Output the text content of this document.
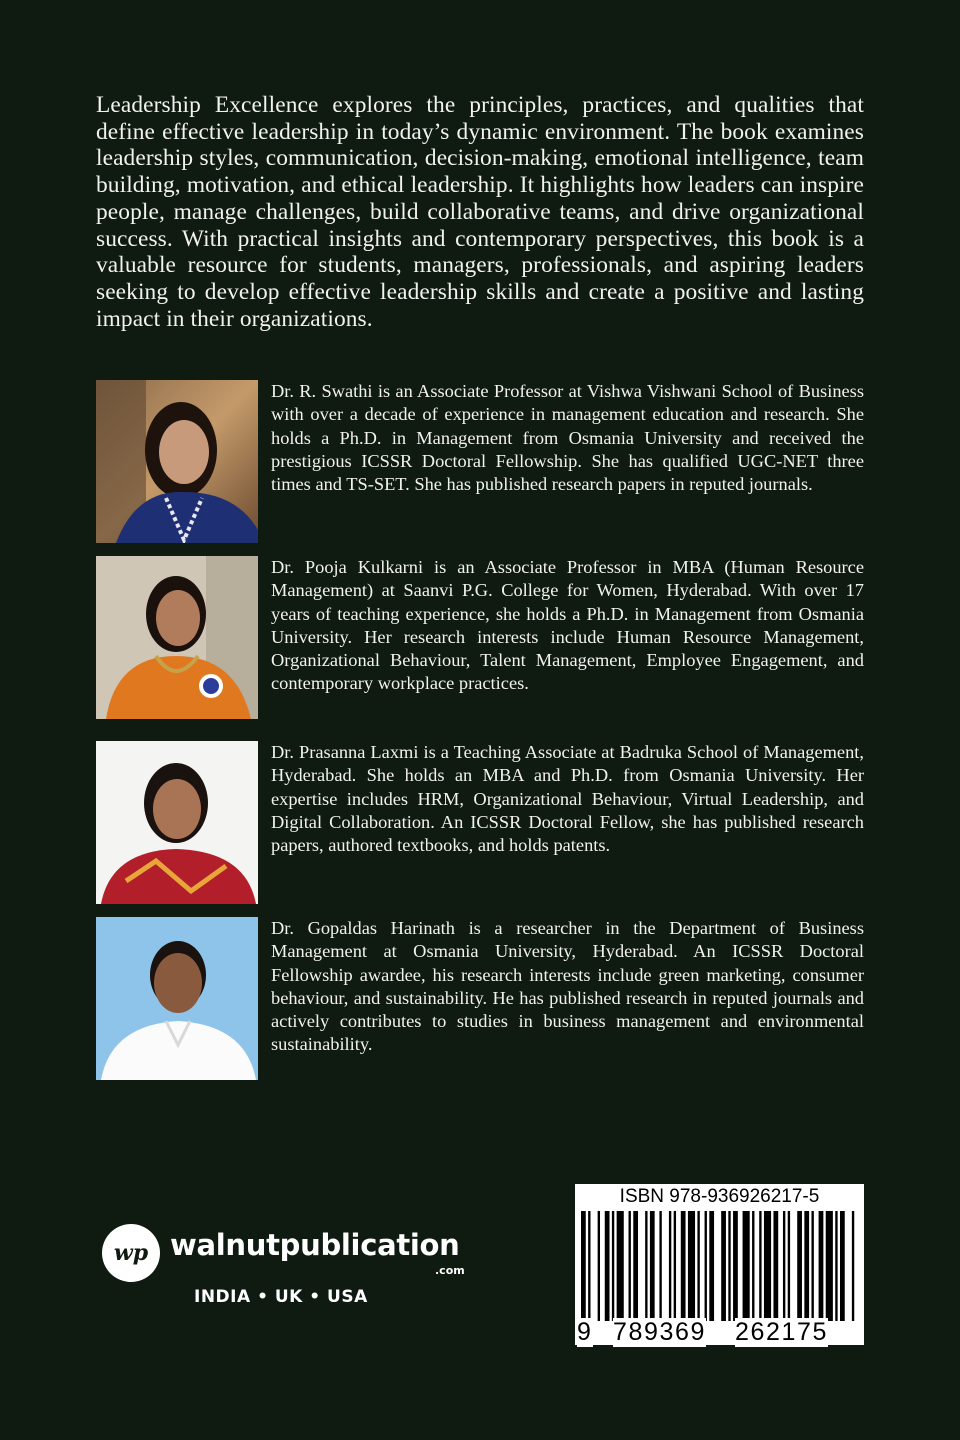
Leadership Excellence explores the principles, practices, and qualities that define effective leadership in today’s dynamic environment. The book examines leadership styles, communication, decision-making, emotional intelligence, team building, motivation, and ethical leadership. It highlights how leaders can inspire people, manage challenges, build collaborative teams, and drive organizational success. With practical insights and contemporary perspectives, this book is a valuable resource for students, managers, professionals, and aspiring leaders seeking to develop effective leadership skills and create a positive and lasting impact in their organizations.

Dr. R. Swathi is an Associate Professor at Vishwa Vishwani School of Business with over a decade of experience in management education and research. She holds a Ph.D. in Management from Osmania University and received the prestigious ICSSR Doctoral Fellowship. She has qualified UGC-NET three times and TS-SET. She has published research papers in reputed journals.

Dr. Pooja Kulkarni is an Associate Professor in MBA (Human Resource Management) at Saanvi P.G. College for Women, Hyderabad. With over 17 years of teaching experience, she holds a Ph.D. in Management from Osmania University. Her research interests include Human Resource Management, Organizational Behaviour, Talent Management, Employee Engagement, and contemporary workplace practices.

Dr. Prasanna Laxmi is a Teaching Associate at Badruka School of Management, Hyderabad. She holds an MBA and Ph.D. from Osmania University. Her expertise includes HRM, Organizational Behaviour, Virtual Leadership, and Digital Collaboration. An ICSSR Doctoral Fellow, she has published research papers, authored textbooks, and holds patents.

Dr. Gopaldas Harinath is a researcher in the Department of Business Management at Osmania University, Hyderabad. An ICSSR Doctoral Fellowship awardee, his research interests include green marketing, consumer behaviour, and sustainability. He has published research in reputed journals and actively contributes to studies in business management and environmental sustainability.

wp walnutpublication
.com
INDIA • UK • USA
ISBN 978-936926217-5
9 789369 262175
